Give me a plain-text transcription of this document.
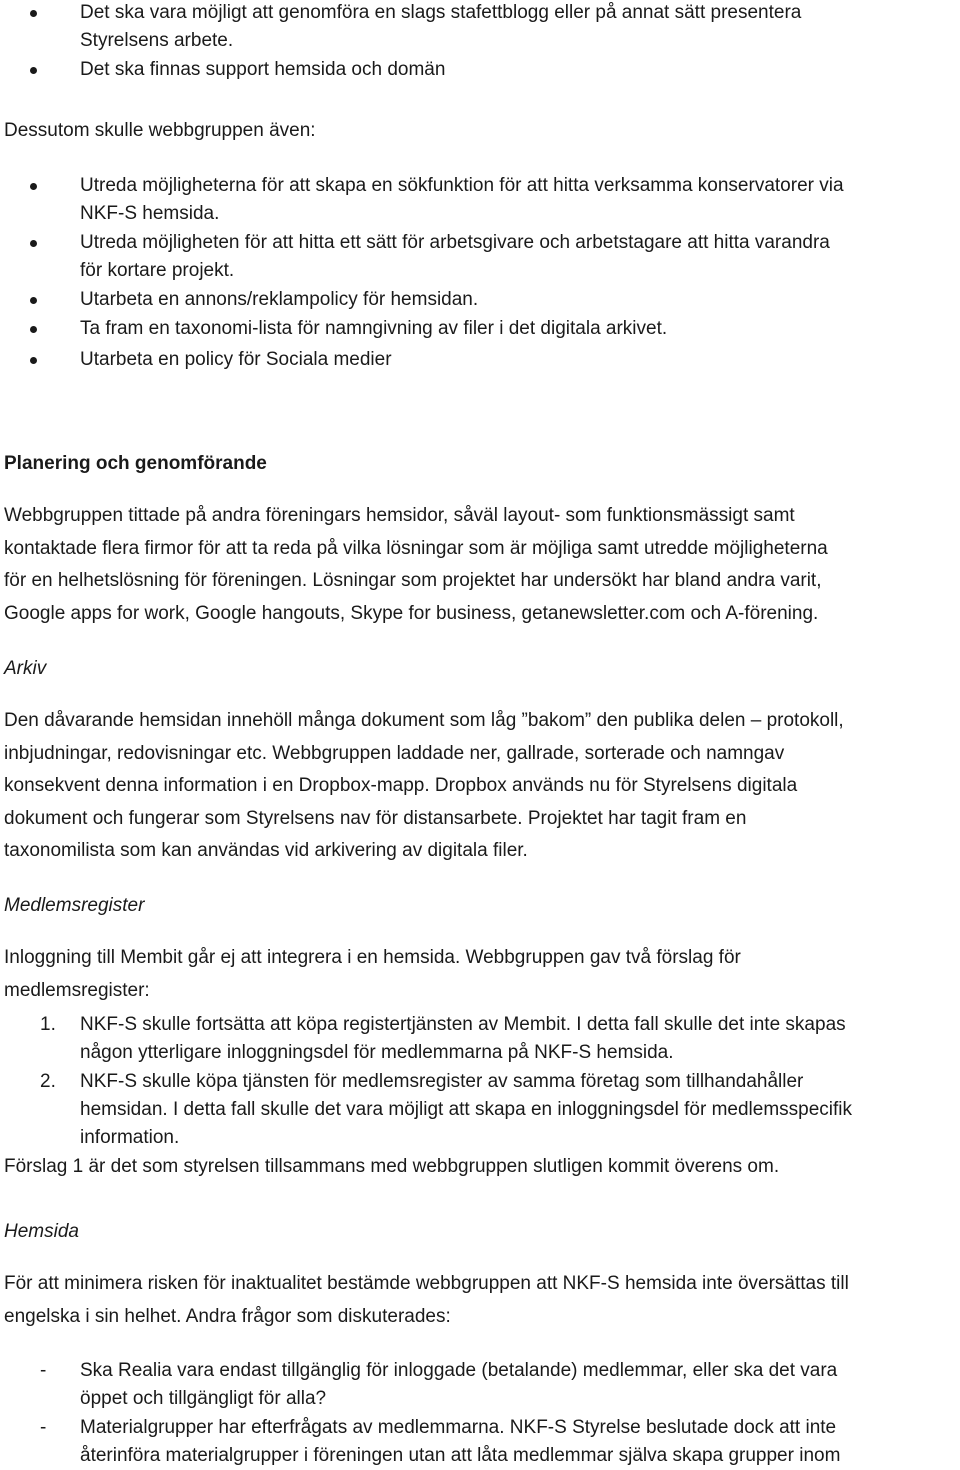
Det ska vara möjligt att genomföra en slags stafettblogg eller på annat sätt presentera
Styrelsens arbete.
Det ska finnas support hemsida och domän
Dessutom skulle webbgruppen även:
Utreda möjligheterna för att skapa en sökfunktion för att hitta verksamma konservatorer via
NKF-S hemsida.
Utreda möjligheten för att hitta ett sätt för arbetsgivare och arbetstagare att hitta varandra
för kortare projekt.
Utarbeta en annons/reklampolicy för hemsidan.
Ta fram en taxonomi-lista för namngivning av filer i det digitala arkivet.
Utarbeta en policy för Sociala medier
Planering och genomförande
Webbgruppen tittade på andra föreningars hemsidor, såväl layout- som funktionsmässigt samt
kontaktade flera firmor för att ta reda på vilka lösningar som är möjliga samt utredde möjligheterna
för en helhetslösning för föreningen. Lösningar som projektet har undersökt har bland andra varit,
Google apps for work, Google hangouts, Skype for business, getanewsletter.com och A-förening.
Arkiv
Den dåvarande hemsidan innehöll många dokument som låg ”bakom” den publika delen – protokoll,
inbjudningar, redovisningar etc. Webbgruppen laddade ner, gallrade, sorterade och namngav
konsekvent denna information i en Dropbox-mapp. Dropbox används nu för Styrelsens digitala
dokument och fungerar som Styrelsens nav för distansarbete. Projektet har tagit fram en
taxonomilista som kan användas vid arkivering av digitala filer.
Medlemsregister
Inloggning till Membit går ej att integrera i en hemsida. Webbgruppen gav två förslag för
medlemsregister:
1. NKF-S skulle fortsätta att köpa registertjänsten av Membit. I detta fall skulle det inte skapas
någon ytterligare inloggningsdel för medlemmarna på NKF-S hemsida.
2. NKF-S skulle köpa tjänsten för medlemsregister av samma företag som tillhandahåller
hemsidan. I detta fall skulle det vara möjligt att skapa en inloggningsdel för medlemsspecifik
information.
Förslag 1 är det som styrelsen tillsammans med webbgruppen slutligen kommit överens om.
Hemsida
För att minimera risken för inaktualitet bestämde webbgruppen att NKF-S hemsida inte översättas till
engelska i sin helhet. Andra frågor som diskuterades:
- Ska Realia vara endast tillgänglig för inloggade (betalande) medlemmar, eller ska det vara
öppet och tillgängligt för alla?
- Materialgrupper har efterfrågats av medlemmarna. NKF-S Styrelse beslutade dock att inte
återinföra materialgrupper i föreningen utan att låta medlemmar själva skapa grupper inom
